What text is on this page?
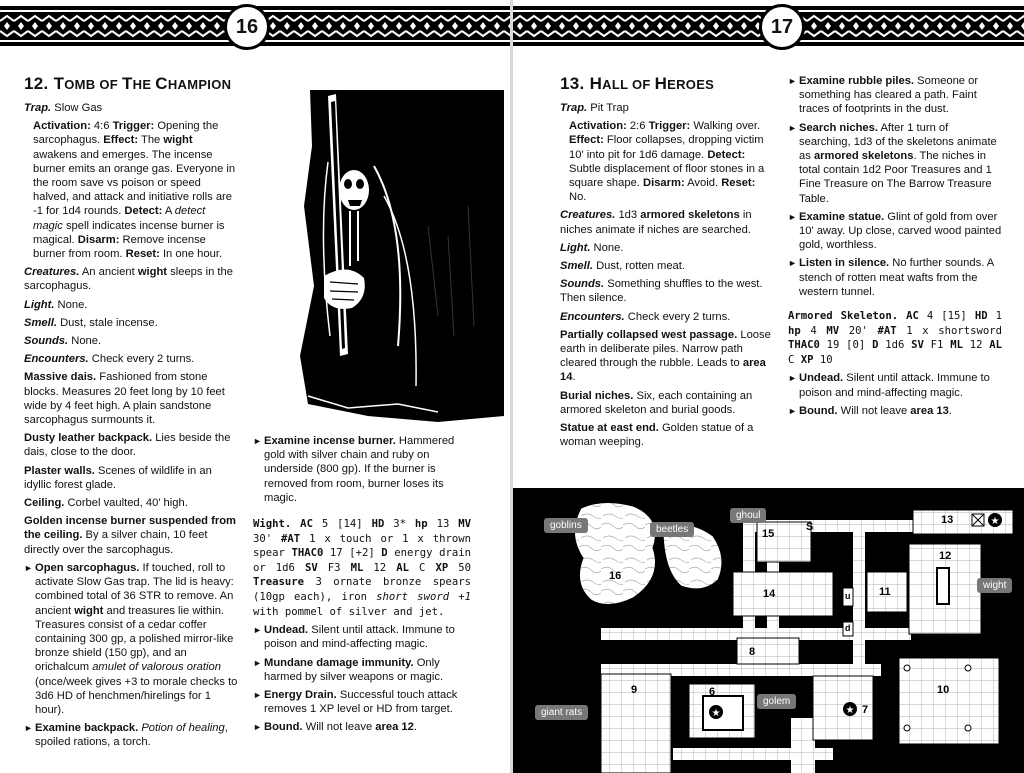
16
12. TOMB OF THE CHAMPION

Trap. Slow Gas

Activation: 4:6 Trigger: Opening the sarcophagus. Effect: The wight awakens and emerges. The incense burner emits an orange gas. Everyone in the room save vs poison or speed halved, and attack and initiative rolls are -1 for 1d4 rounds. Detect: A detect magic spell indicates incense burner is magical. Disarm: Remove incense burner from room. Reset: In one hour.

Creatures. An ancient wight sleeps in the sarcophagus.

Light. None.

Smell. Dust, stale incense.

Sounds. None.

Encounters. Check every 2 turns.

Massive dais. Fashioned from stone blocks. Measures 20 feet long by 10 feet wide by 4 feet high. A plain sandstone sarcophagus surmounts it.

Dusty leather backpack. Lies beside the dais, close to the door.

Plaster walls. Scenes of wildlife in an idyllic forest glade.

Ceiling. Corbel vaulted, 40' high.

Golden incense burner suspended from the ceiling. By a silver chain, 10 feet directly over the sarcophagus.

► Open sarcophagus. If touched, roll to activate Slow Gas trap. The lid is heavy: combined total of 36 STR to remove. An ancient wight and treasures lie within. Treasures consist of a cedar coffer containing 300 gp, a polished mirror-like bronze shield (150 gp), and an orichalcum amulet of valorous oration (once/week gives +3 to morale checks to 3d6 HD of henchmen/hirelings for 1 hour).
► Examine backpack. Potion of healing, spoiled rations, a torch.
► Examine incense burner. Hammered gold with silver chain and ruby on underside (800 gp). If the burner is removed from room, burner loses its magic.

Wight. AC 5 [14] HD 3* hp 13 MV 30' #AT 1 x touch or 1 x thrown spear THAC0 17 [+2] D energy drain or 1d6 SV F3 ML 12 AL C XP 50 Treasure 3 ornate bronze spears (10gp each), iron short sword +1 with pommel of silver and jet.

► Undead. Silent until attack. Immune to poison and mind-affecting magic.
► Mundane damage immunity. Only harmed by silver weapons or magic.
► Energy Drain. Successful touch attack removes 1 XP level or HD from target.
► Bound. Will not leave area 12.
17
13. HALL OF HEROES

Trap. Pit Trap

Activation: 2:6 Trigger: Walking over. Effect: Floor collapses, dropping victim 10' into pit for 1d6 damage. Detect: Subtle displacement of floor stones in a square shape. Disarm: Avoid. Reset: No.

Creatures. 1d3 armored skeletons in niches animate if niches are searched.

Light. None.

Smell. Dust, rotten meat.

Sounds. Something shuffles to the west. Then silence.

Encounters. Check every 2 turns.

Partially collapsed west passage. Loose earth in deliberate piles. Narrow path cleared through the rubble. Leads to area 14.

Burial niches. Six, each containing an armored skeleton and burial goods.

Statue at east end. Golden statue of a woman weeping.

► Examine rubble piles. Someone or something has cleared a path. Faint traces of footprints in the dust.
► Search niches. After 1 turn of searching, 1d3 of the skeletons animate as armored skeletons. The niches in total contain 1d2 Poor Treasures and 1 Fine Treasure on The Barrow Treasure Table.
► Examine statue. Glint of gold from over 10' away. Up close, carved wood painted gold, worthless.
► Listen in silence. No further sounds. A stench of rotten meat wafts from the western tunnel.

Armored Skeleton. AC 4 [15] HD 1 hp 4 MV 20' #AT 1 x shortsword THAC0 19 [0] D 1d6 SV F1 ML 12 AL C XP 10

► Undead. Silent until attack. Immune to poison and mind-affecting magic.
► Bound. Will not leave area 13.
★
★	★
goblins	beetles
ghoul
wight
golem
giant rats
16
15
14
13
12
11
10
9
8
7
6
5
S
u
d
